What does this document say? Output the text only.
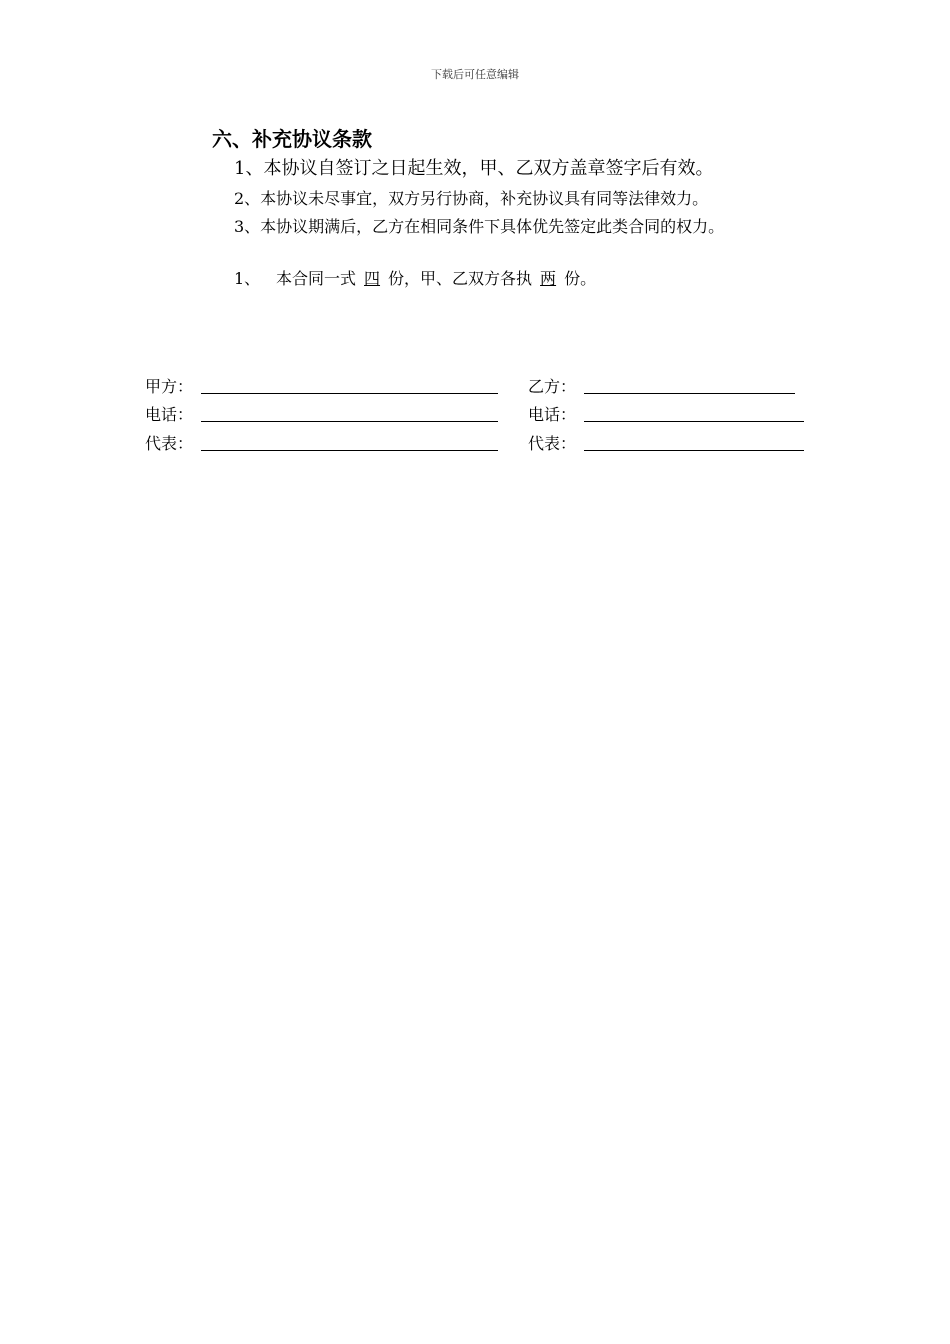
下载后可任意编辑
六、补充协议条款
1、本协议自签订之日起生效，甲、乙双方盖章签字后有效。
2、本协议未尽事宜，双方另行协商，补充协议具有同等法律效力。
3、本协议期满后，乙方在相同条件下具体优先签定此类合同的权力。
1、 本合同一式 四 份，甲、乙双方各执 两 份。
甲方：	乙方：
电话：	电话：
代表：	代表：
